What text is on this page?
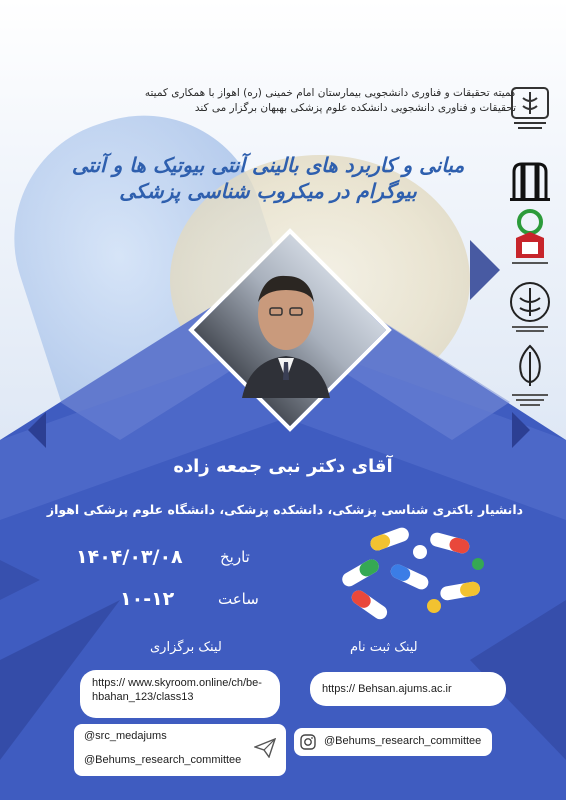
کمیته تحقیقات و فناوری دانشجویی بیمارستان امام خمینی (ره) اهواز با همکاری کمیته تحقیقات و فناوری دانشجویی دانشکده علوم پزشکی بهبهان برگزار می کند
مبانی و کاربرد های بالینی آنتی بیوتیک ها و آنتی بیوگرام در میکروب شناسی پزشکی
آقای دکتر نبی جمعه زاده
دانشیار باکتری شناسی پزشکی، دانشکده پزشکی، دانشگاه علوم پزشکی اهواز
تاریخ
۱۴۰۴/۰۳/۰۸
ساعت
۱۰-۱۲
لینک ثبت نام
لینک برگزاری
https:// www.skyroom.online/ch/be-hbahan_123/class13
https:// Behsan.ajums.ac.ir
@src_medajums
@Behums_research_committee
@Behums_research_committee
